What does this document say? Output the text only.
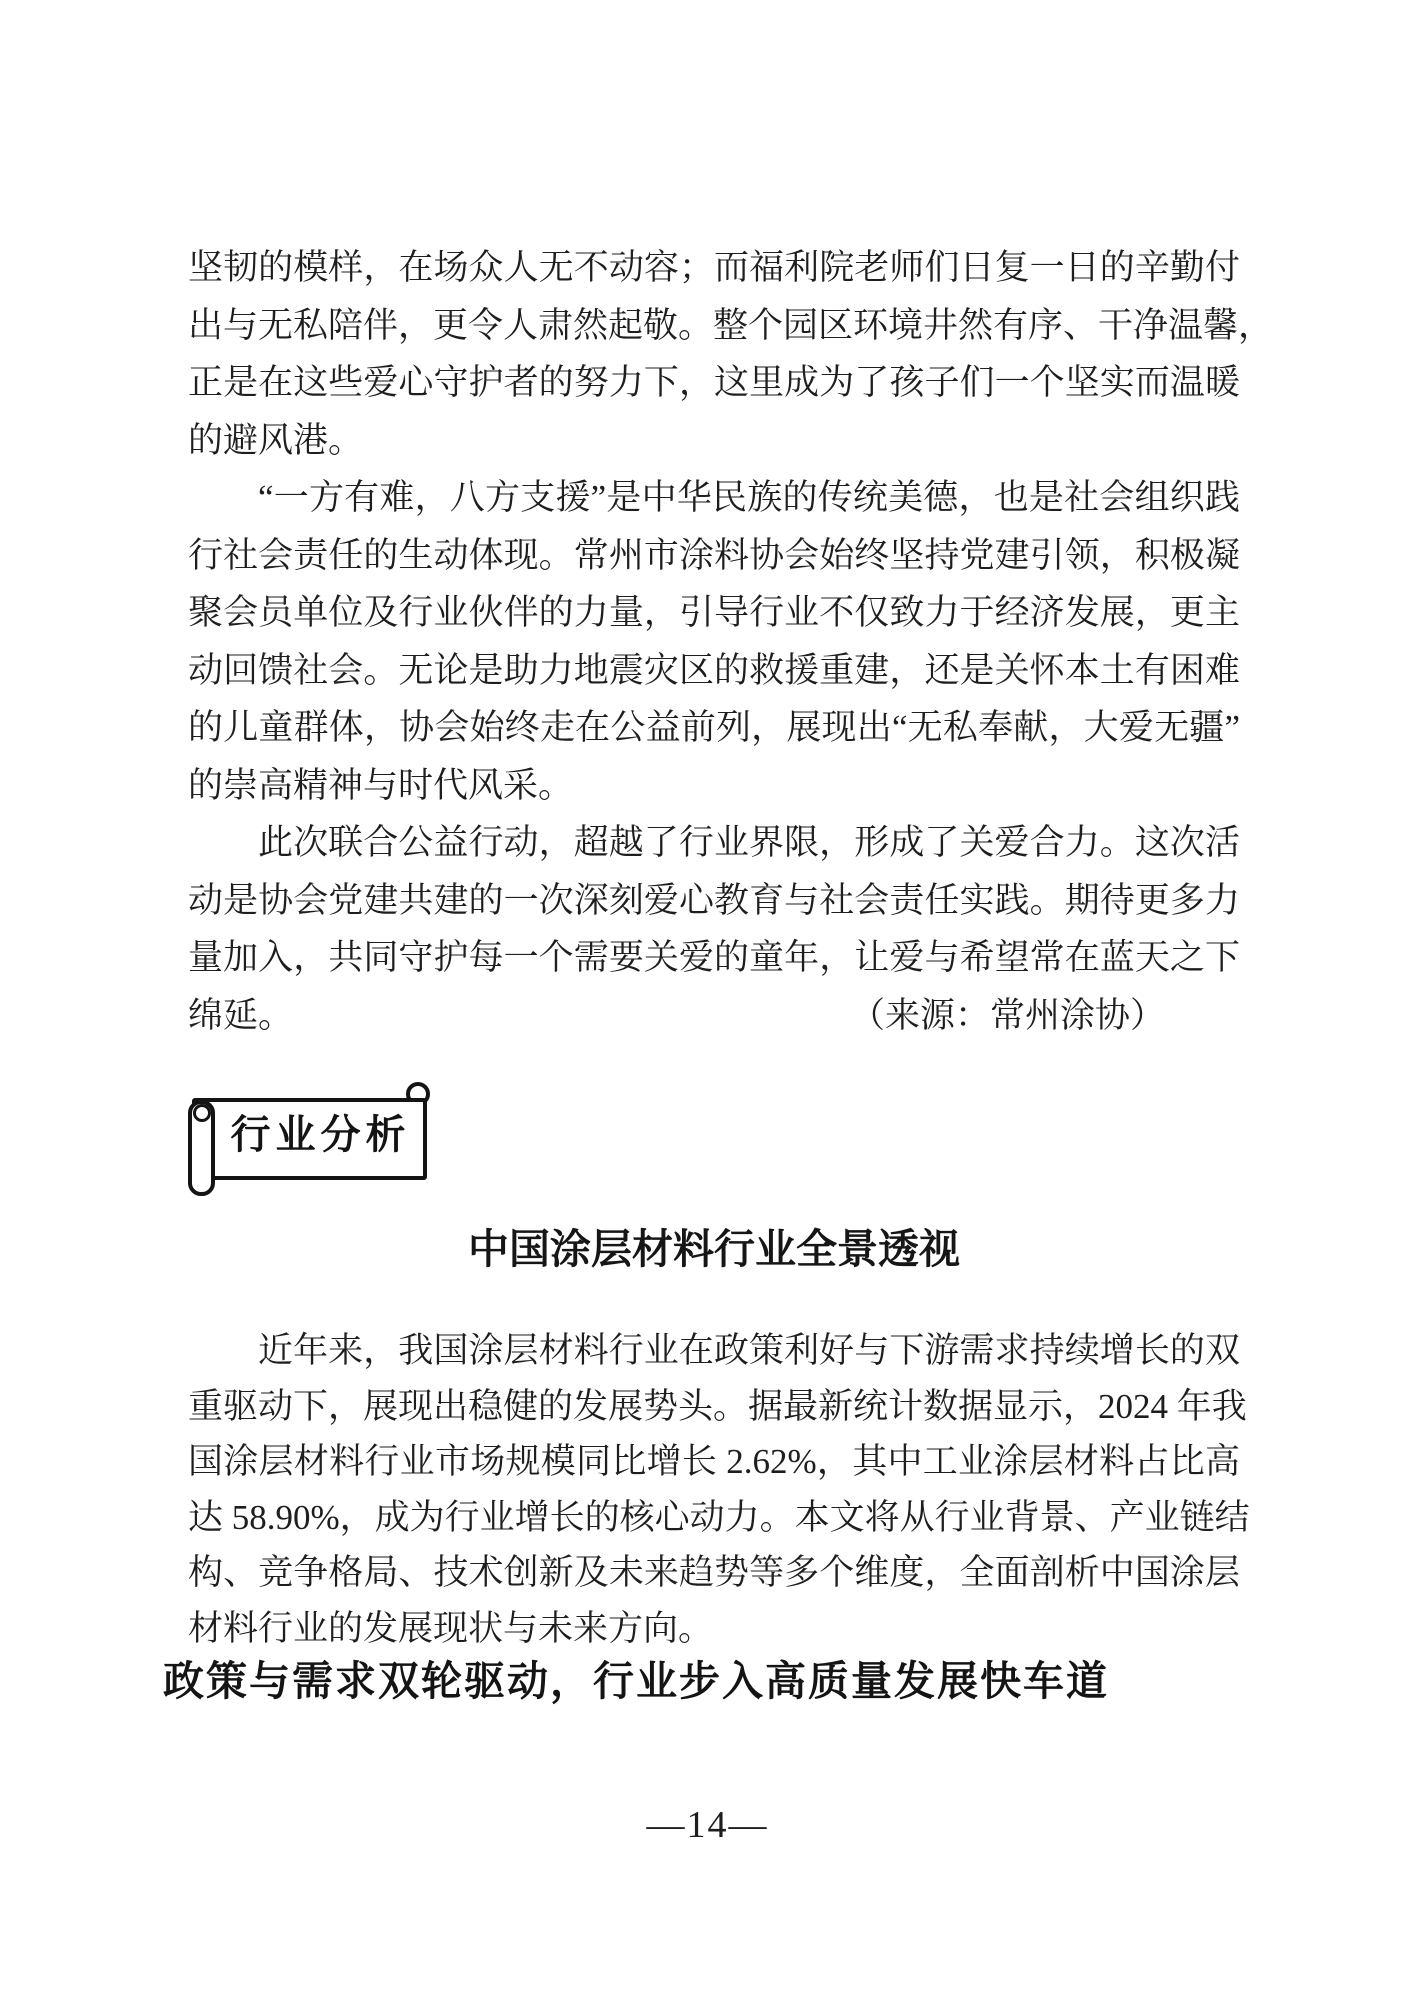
坚韧的模样，在场众人无不动容；而福利院老师们日复一日的辛勤付
出与无私陪伴，更令人肃然起敬。整个园区环境井然有序、干净温馨，
正是在这些爱心守护者的努力下，这里成为了孩子们一个坚实而温暖
的避风港。
“一方有难，八方支援”是中华民族的传统美德，也是社会组织践
行社会责任的生动体现。常州市涂料协会始终坚持党建引领，积极凝
聚会员单位及行业伙伴的力量，引导行业不仅致力于经济发展，更主
动回馈社会。无论是助力地震灾区的救援重建，还是关怀本土有困难
的儿童群体，协会始终走在公益前列，展现出“无私奉献，大爱无疆”
的崇高精神与时代风采。
此次联合公益行动，超越了行业界限，形成了关爱合力。这次活
动是协会党建共建的一次深刻爱心教育与社会责任实践。期待更多力
量加入，共同守护每一个需要关爱的童年，让爱与希望常在蓝天之下
绵延。	（来源：常州涂协）
行业分析
中国涂层材料行业全景透视
近年来，我国涂层材料行业在政策利好与下游需求持续增长的双
重驱动下，展现出稳健的发展势头。据最新统计数据显示，2024 年我
国涂层材料行业市场规模同比增长 2.62%，其中工业涂层材料占比高
达 58.90%，成为行业增长的核心动力。本文将从行业背景、产业链结
构、竞争格局、技术创新及未来趋势等多个维度，全面剖析中国涂层
材料行业的发展现状与未来方向。
政策与需求双轮驱动，行业步入高质量发展快车道
—14—
